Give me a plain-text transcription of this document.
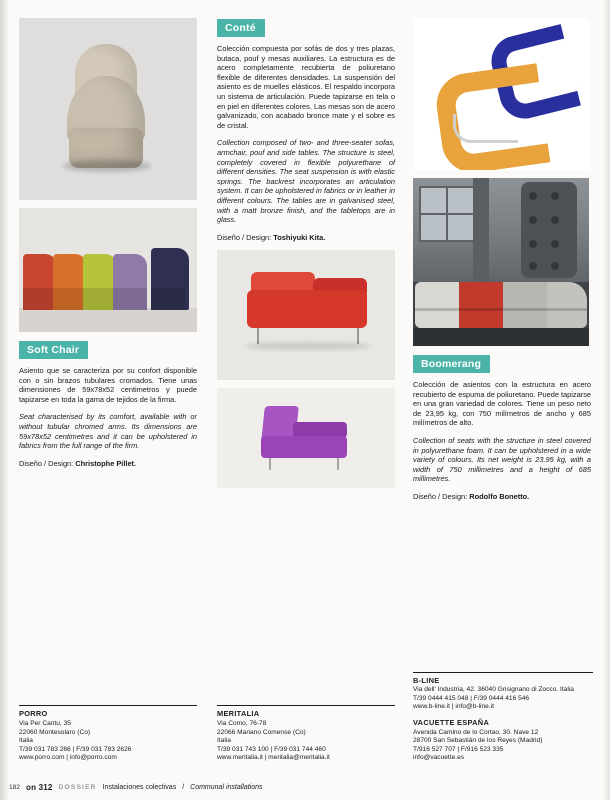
Soft Chair

Asiento que se caracteriza por su confort disponible con o sin brazos tubulares cromados. Tiene unas dimensiones de 59x78x52 centimetros y puede tapizarse en toda la gama de tejidos de la firma.

Seat characterised by its comfort, available with or without tubular chromed arms. Its dimensions are 59x78x52 centimetres and it can be upholstered in fabrics from the full range of the firm.

Diseño / Design: Christophe Pillet.

PORRO
Via Per Cantu, 35
22060 Montesolaro (Co)
Italia
T/39 031 783 266 | F/39 031 783 2626
www.porro.com | info@porro.com
Conté

Colección compuesta por sofás de dos y tres plazas, butaca, pouf y mesas auxiliares. La estructura es de acero completamente recubierta de poliuretano flexible de diferentes densidades. La suspensión del asiento es de muelles elásticos. El respaldo incorpora un sistema de articulación. Puede tapizarse en tela o en piel en diferentes colores. Las mesas son de acero galvanizado, con acabado bronce mate y el sobre es de cristal.

Collection composed of two- and three-seater sofas, armchair, pouf and side tables. The structure is steel, completely covered in flexible polyurethane of different densities. The seat suspension is with elastic springs. The backrest incorporates an articulation system. It can be upholstered in fabrics or in leather in different colours. The tables are in galvanised steel, with a matt bronze finish, and the tabletops are in glass.

Diseño / Design: Toshiyuki Kita.

MERITALIA
Via Como, 76-78
22066 Mariano Comense (Co)
Italia
T/39 031 743 100 | F/39 031 744 460
www.meritalia.it | meritalia@meritalia.it
Boomerang

Colección de asientos con la estructura en acero recubierto de espuma de poliuretano. Puede tapizarse en una gran variedad de colores. Tiene un peso neto de 23,95 kg, con 750 milímetros de ancho y 685 milímetros de alto.

Collection of seats with the structure in steel covered in polyurethane foam. It can be upholstered in a wide variety of colours. Its net weight is 23.95 kg, with a width of 750 millimetres and a height of 685 millimetres.

Diseño / Design: Rodolfo Bonetto.

B-LINE
Via dell' Industria, 42. 36040 Grisignano di Zocco. Italia
T/39 0444 415 048 | F/39 0444 416 546
www.b-line.it | info@b-line.it
VACUETTE ESPAÑA
Avenida Camino de lo Cortao, 30. Nave 12
28700 San Sebastián de los Reyes (Madrid)
T/916 527 707 | F/916 523 335
info@vacuette.es
182 on 312 DOSSIER Instalaciones colectivas / Communal installations
